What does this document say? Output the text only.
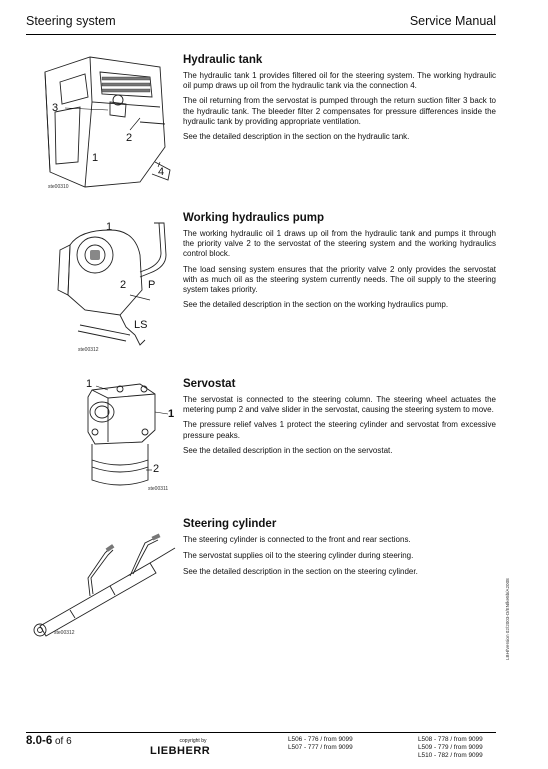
Steering system	Service Manual
3
2
1
4
ste00310
Hydraulic tank

The hydraulic tank 1 provides filtered oil for the steering system. The working hydraulic oil pump draws up oil from the hydraulic tank via the connection 4.

The oil returning from the servostat is pumped through the return suction filter 3 back to the hydraulic tank. The bleeder filter 2 compensates for pressure differences inside the hydraulic tank by providing appropriate ventilation.

See the detailed description in the section on the hydraulic tank.

1
2 P
LS
ste00312
Working hydraulics pump

The working hydraulic oil 1 draws up oil from the hydraulic tank and pumps it through the priority valve 2 to the servostat of the steering system and the working hydraulics control block.

The load sensing system ensures that the priority valve 2 only provides the servostat with as much oil as the steering system currently needs. The oil supply to the steering system takes priority.

See the detailed description in the section on the working hydraulics pump.

1
1
2
ste00311
Servostat

The servostat is connected to the steering column. The steering wheel actuates the metering pump 2 and valve slider in the servostat, causing the steering system to move.

The pressure relief valves 1 protect the steering cylinder and servostat from excessive pressure peaks.

See the detailed description in the section on the servostat.

ste00312
Steering cylinder

The steering cylinder is connected to the front and rear sections.

The servostat supplies oil to the steering cylinder during steering.

See the detailed description in the section on the steering cylinder.

LBH/Version 02/2003-D/EN/ke5b/A2008
8.0-6 of 6	copyright by
LIEBHERR
L506 - 776 / from 9099
L507 - 777 / from 9099
L508 - 778 / from 9099
L509 - 779 / from 9099
L510 - 782 / from 9099
